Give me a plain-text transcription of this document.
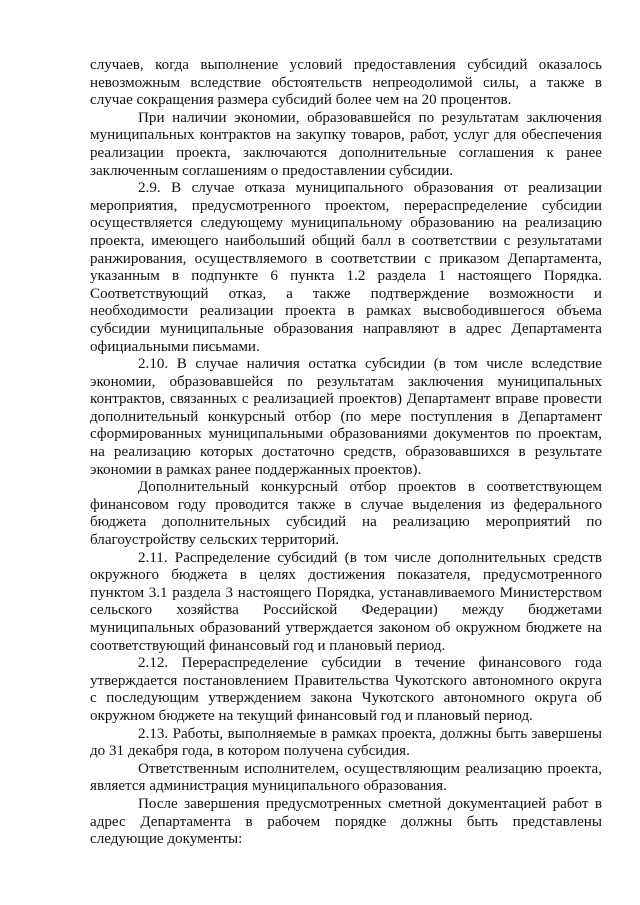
случаев, когда выполнение условий предоставления субсидий оказалось невозможным вследствие обстоятельств непреодолимой силы, а также в случае сокращения размера субсидий более чем на 20 процентов.

При наличии экономии, образовавшейся по результатам заключения муниципальных контрактов на закупку товаров, работ, услуг для обеспечения реализации проекта, заключаются дополнительные соглашения к ранее заключенным соглашениям о предоставлении субсидии.

2.9. В случае отказа муниципального образования от реализации мероприятия, предусмотренного проектом, перераспределение субсидии осуществляется следующему муниципальному образованию на реализацию проекта, имеющего наибольший общий балл в соответствии с результатами ранжирования, осуществляемого в соответствии с приказом Департамента, указанным в подпункте 6 пункта 1.2 раздела 1 настоящего Порядка. Соответствующий отказ, а также подтверждение возможности и необходимости реализации проекта в рамках высвободившегося объема субсидии муниципальные образования направляют в адрес Департамента официальными письмами.

2.10. В случае наличия остатка субсидии (в том числе вследствие экономии, образовавшейся по результатам заключения муниципальных контрактов, связанных с реализацией проектов) Департамент вправе провести дополнительный конкурсный отбор (по мере поступления в Департамент сформированных муниципальными образованиями документов по проектам, на реализацию которых достаточно средств, образовавшихся в результате экономии в рамках ранее поддержанных проектов).

Дополнительный конкурсный отбор проектов в соответствующем финансовом году проводится также в случае выделения из федерального бюджета дополнительных субсидий на реализацию мероприятий по благоустройству сельских территорий.

2.11. Распределение субсидий (в том числе дополнительных средств окружного бюджета в целях достижения показателя, предусмотренного пунктом 3.1 раздела 3 настоящего Порядка, устанавливаемого Министерством сельского хозяйства Российской Федерации) между бюджетами муниципальных образований утверждается законом об окружном бюджете на соответствующий финансовый год и плановый период.

2.12. Перераспределение субсидии в течение финансового года утверждается постановлением Правительства Чукотского автономного округа с последующим утверждением закона Чукотского автономного округа об окружном бюджете на текущий финансовый год и плановый период.

2.13. Работы, выполняемые в рамках проекта, должны быть завершены до 31 декабря года, в котором получена субсидия.

Ответственным исполнителем, осуществляющим реализацию проекта, является администрация муниципального образования.

После завершения предусмотренных сметной документацией работ в адрес Департамента в рабочем порядке должны быть представлены следующие документы:
